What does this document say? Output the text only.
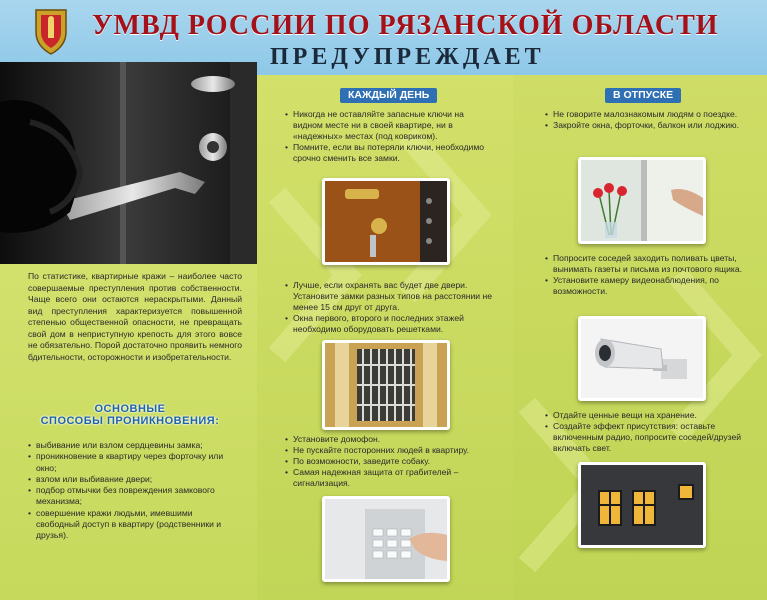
УМВД РОССИИ ПО РЯЗАНСКОЙ ОБЛАСТИ
ПРЕДУПРЕЖДАЕТ
По статистике, квартирные кражи – наиболее часто совершаемые преступления против собственности. Чаще всего они остаются нераскрытыми. Данный вид преступления характеризуется повышенной степенью общественной опасности, не превращать свой дом в неприступную крепость для этого вовсе не обязательно. Порой достаточно проявить немного бдительности, осторожности и изобретательности.
ОСНОВНЫЕ
СПОСОБЫ ПРОНИКНОВЕНИЯ:
• выбивание или взлом сердцевины замка;
• проникновение в квартиру через форточку или окно;
• взлом или выбивание двери;
• подбор отмычки без повреждения замкового механизма;
• совершение кражи людьми, имевшими свободный доступ в квартиру (родственники и друзья).
КАЖДЫЙ ДЕНЬ
• Никогда не оставляйте запасные ключи на видном месте ни в своей квартире, ни в «надежных» местах (под ковриком).
• Помните, если вы потеряли ключи, необходимо срочно сменить все замки.
• Лучше, если охранять вас будет две двери. Установите замки разных типов на расстоянии не менее 15 см друг от друга.
• Окна первого, второго и последних этажей необходимо оборудовать решетками.
• Установите домофон.
• Не пускайте посторонних людей в квартиру.
• По возможности, заведите собаку.
• Самая надежная защита от грабителей – сигнализация.
В ОТПУСКЕ
• Не говорите малознакомым людям о поездке.
• Закройте окна, форточки, балкон или лоджию.
• Попросите соседей заходить поливать цветы, вынимать газеты и письма из почтового ящика.
• Установите камеру видеонаблюдения, по возможности.
• Отдайте ценные вещи на хранение.
• Создайте эффект присутствия: оставьте включенным радио, попросите соседей/друзей включать свет.
